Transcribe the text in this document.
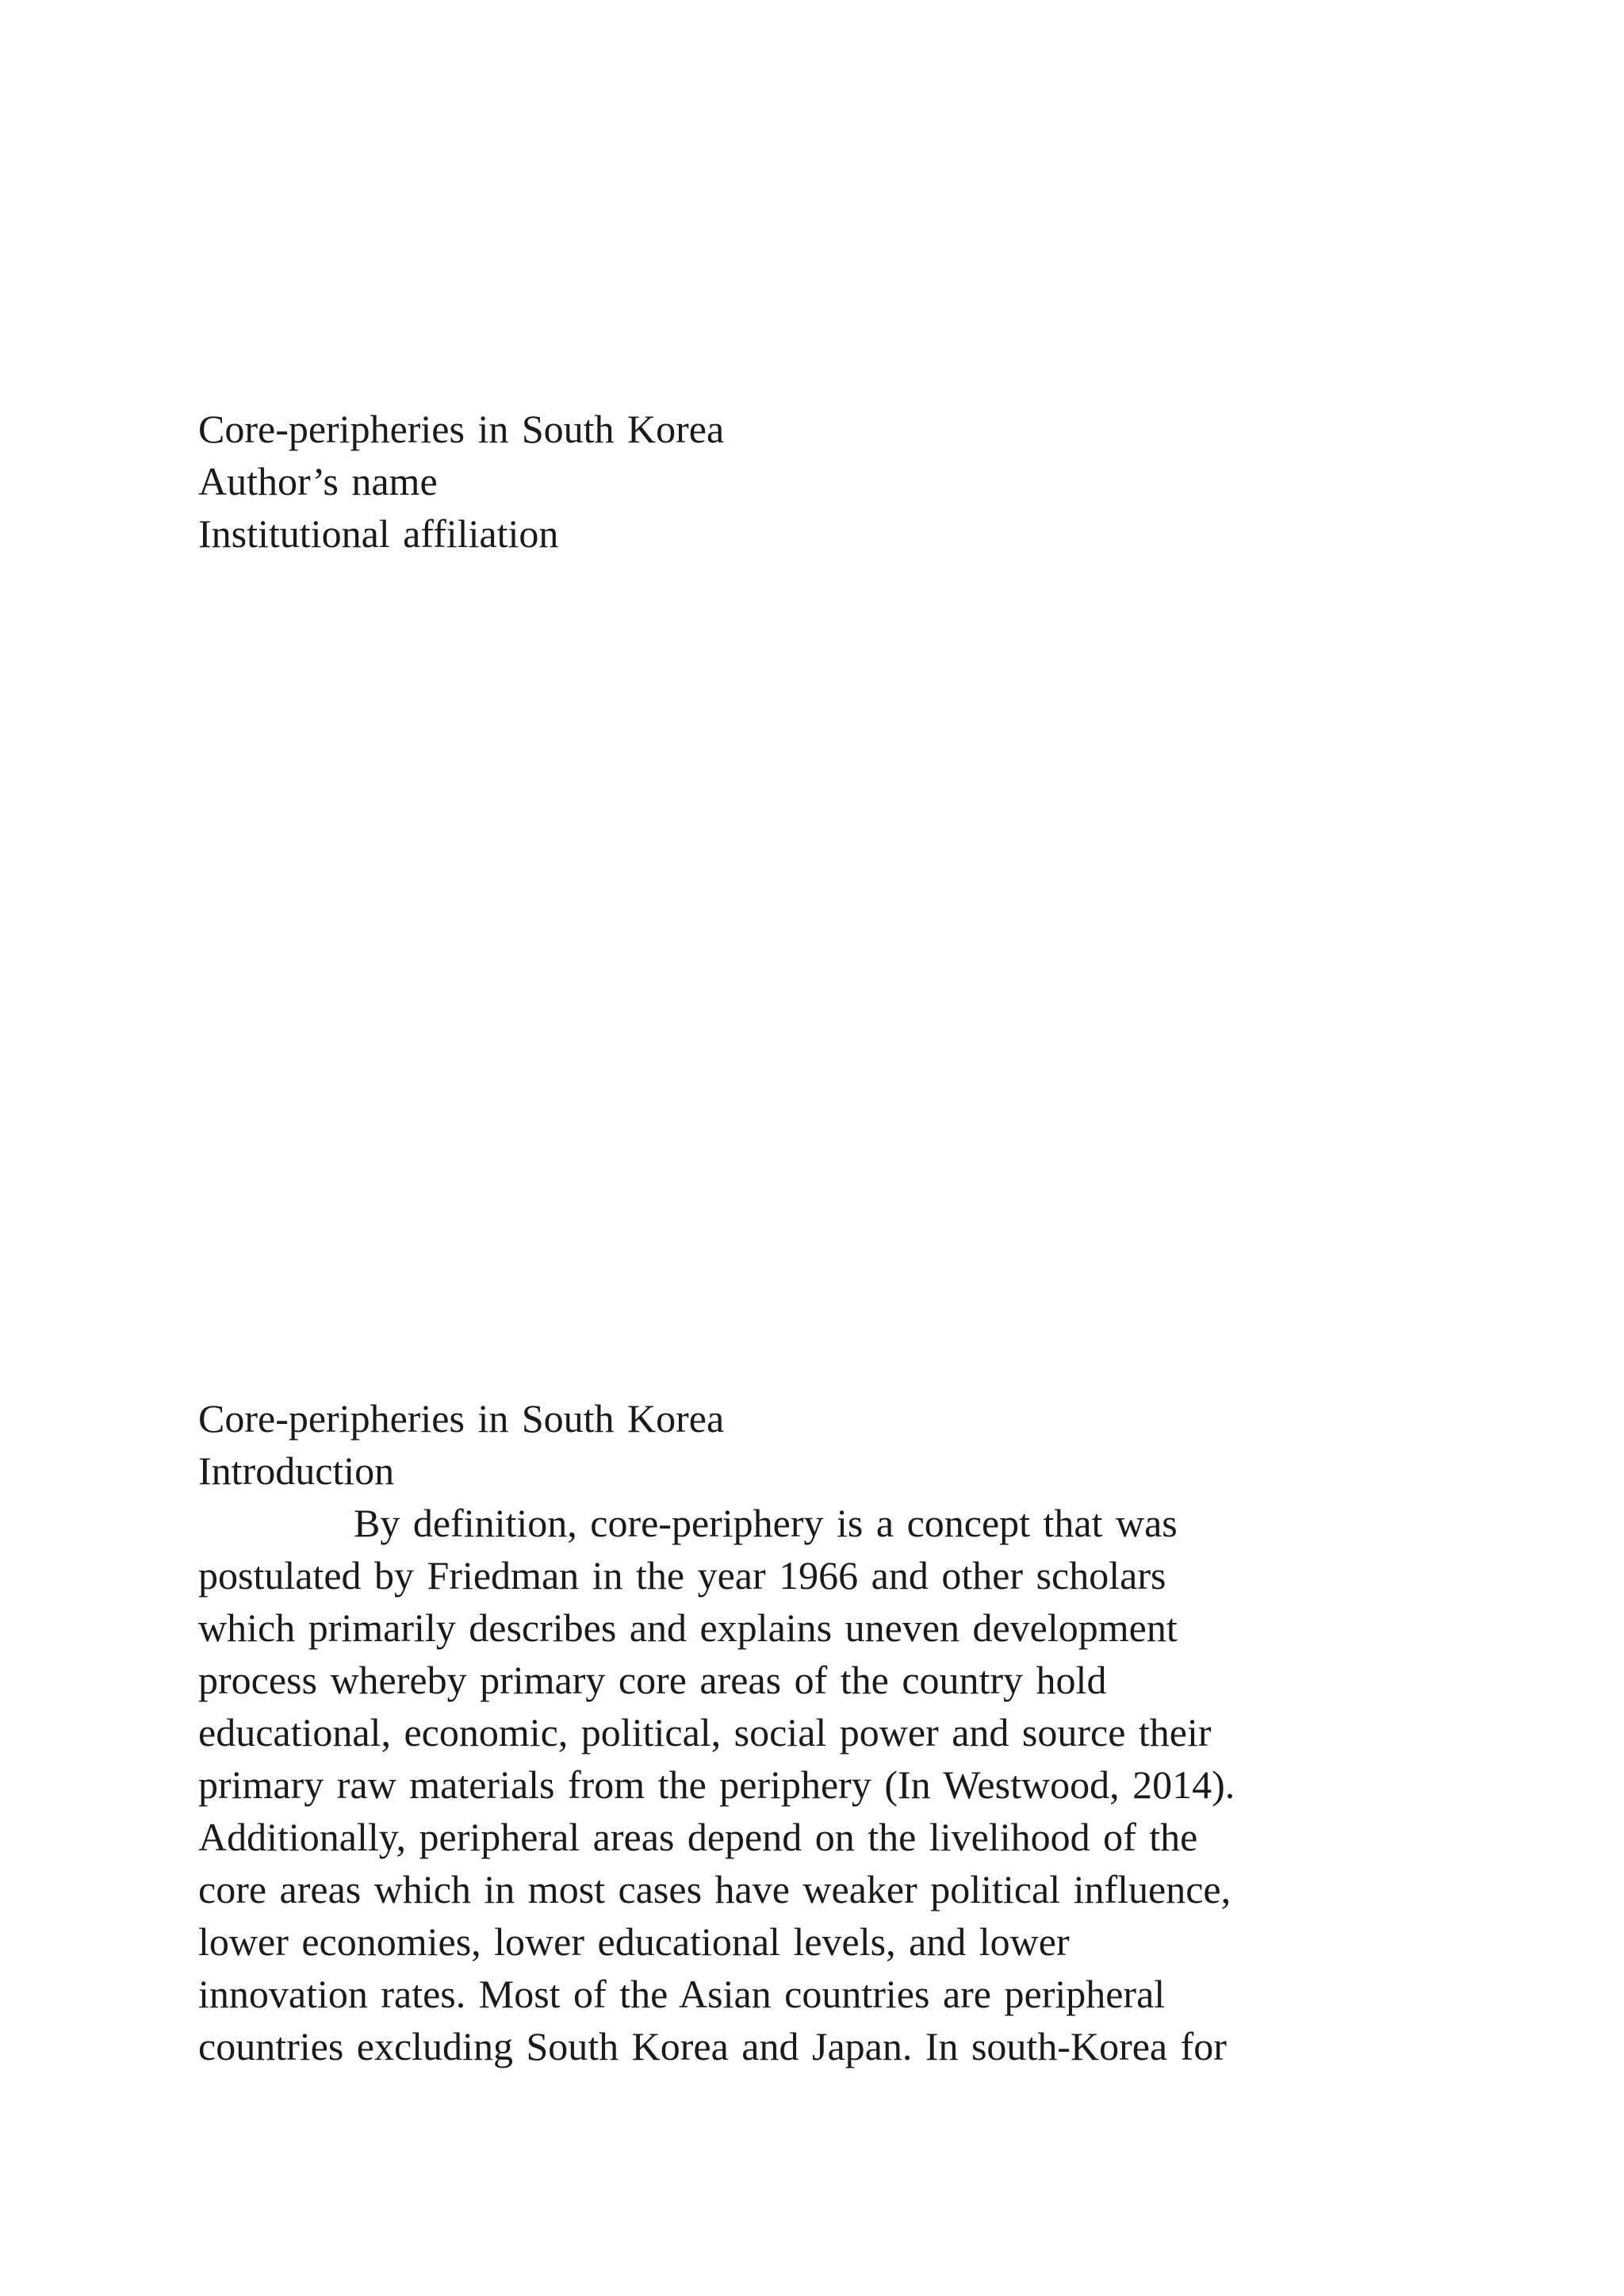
Core-peripheries in South Korea
Author’s name
Institutional affiliation
Core-peripheries in South Korea
Introduction
By definition, core-periphery is a concept that was
postulated by Friedman in the year 1966 and other scholars
which primarily describes and explains uneven development
process whereby primary core areas of the country hold
educational, economic, political, social power and source their
primary raw materials from the periphery (In Westwood, 2014).
Additionally, peripheral areas depend on the livelihood of the
core areas which in most cases have weaker political influence,
lower economies, lower educational levels, and lower
innovation rates. Most of the Asian countries are peripheral
countries excluding South Korea and Japan. In south-Korea for
